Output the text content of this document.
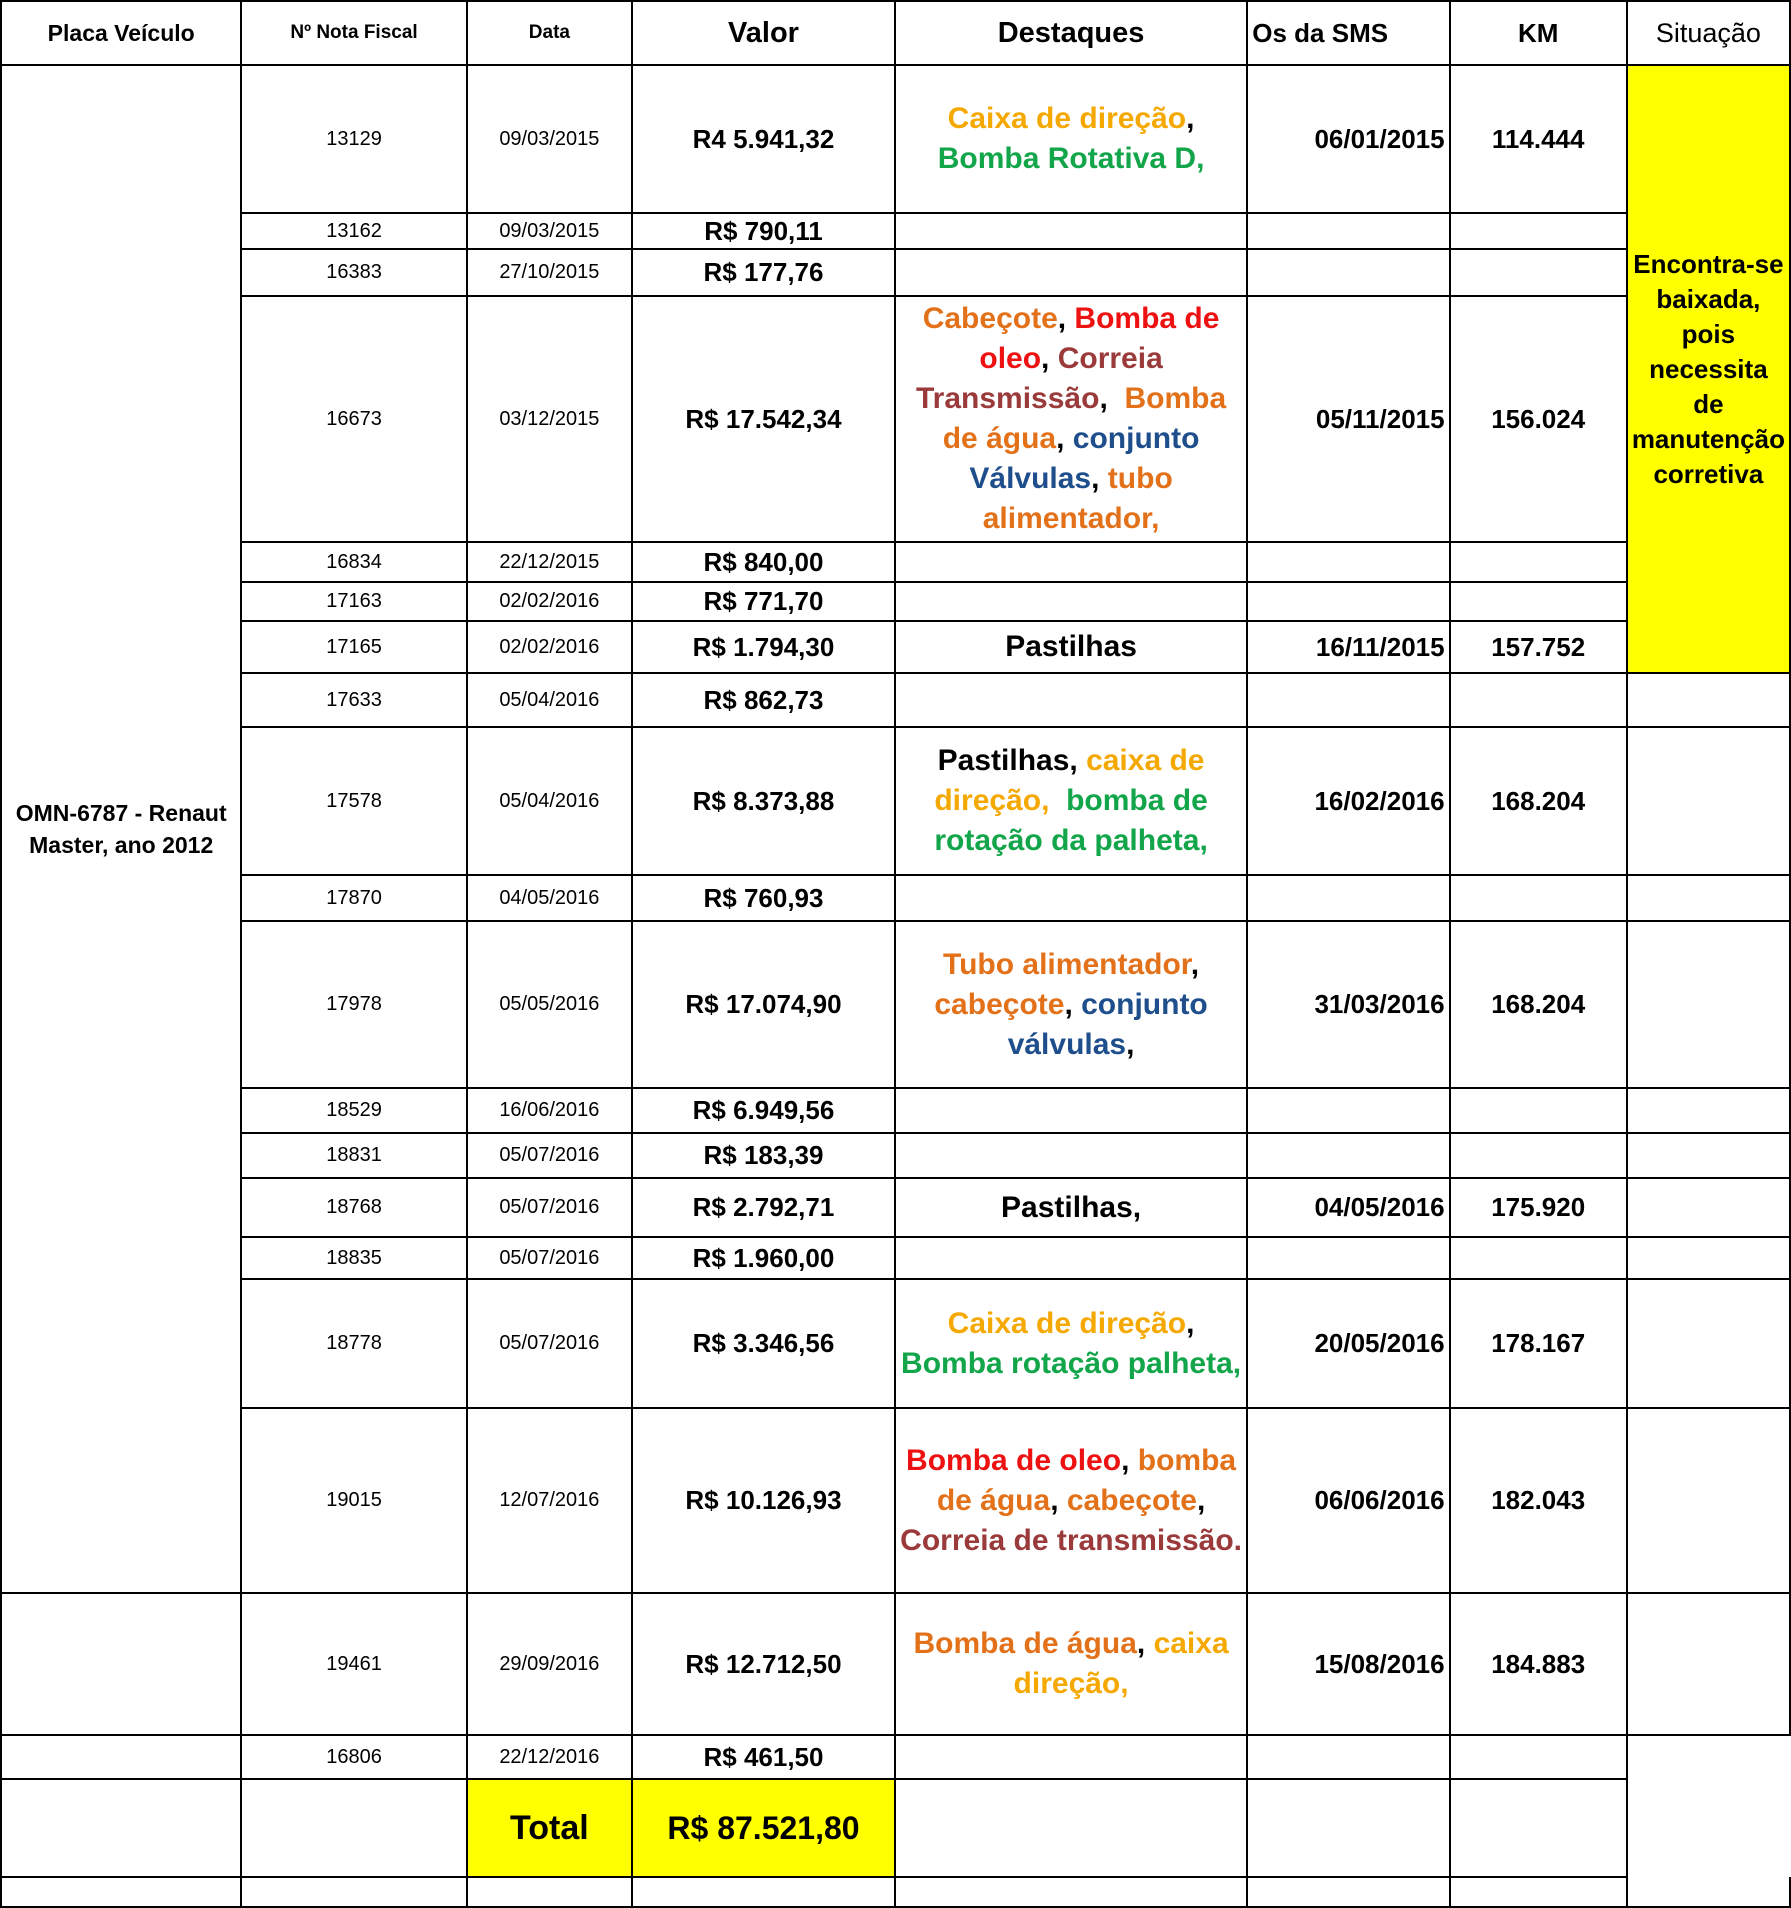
Placa Veículo	Nº Nota Fiscal	Data	Valor	Destaques	Os da SMS	KM	Situação
OMN-6787 - Renaut Master, ano 2012	13129	09/03/2015	R4 5.941,32	Caixa de direção, Bomba Rotativa D,	06/01/2015	114.444	Encontra-se baixada, pois necessita de manutenção corretiva
	13162	09/03/2015	R$ 790,11				
	16383	27/10/2015	R$ 177,76				
	16673	03/12/2015	R$ 17.542,34	Cabeçote, Bomba de oleo, Correia Transmissão,  Bomba de água, conjunto Válvulas, tubo alimentador,	05/11/2015	156.024	
	16834	22/12/2015	R$ 840,00				
	17163	02/02/2016	R$ 771,70				
	17165	02/02/2016	R$ 1.794,30	Pastilhas	16/11/2015	157.752	
	17633	05/04/2016	R$ 862,73				
	17578	05/04/2016	R$ 8.373,88	Pastilhas, caixa de direção, bomba de rotação da palheta,	16/02/2016	168.204	
	17870	04/05/2016	R$ 760,93				
	17978	05/05/2016	R$ 17.074,90	Tubo alimentador, cabeçote, conjunto válvulas,	31/03/2016	168.204	
	18529	16/06/2016	R$ 6.949,56				
	18831	05/07/2016	R$ 183,39				
	18768	05/07/2016	R$ 2.792,71	Pastilhas,	04/05/2016	175.920	
	18835	05/07/2016	R$ 1.960,00				
	18778	05/07/2016	R$ 3.346,56	Caixa de direção, Bomba rotação palheta,	20/05/2016	178.167	
	19015	12/07/2016	R$ 10.126,93	Bomba de oleo, bomba de água, cabeçote,  Correia de transmissão.	06/06/2016	182.043	
	19461	29/09/2016	R$ 12.712,50	Bomba de água, caixa direção,	15/08/2016	184.883	
	16806	22/12/2016	R$ 461,50				
		Total	R$ 87.521,80				
